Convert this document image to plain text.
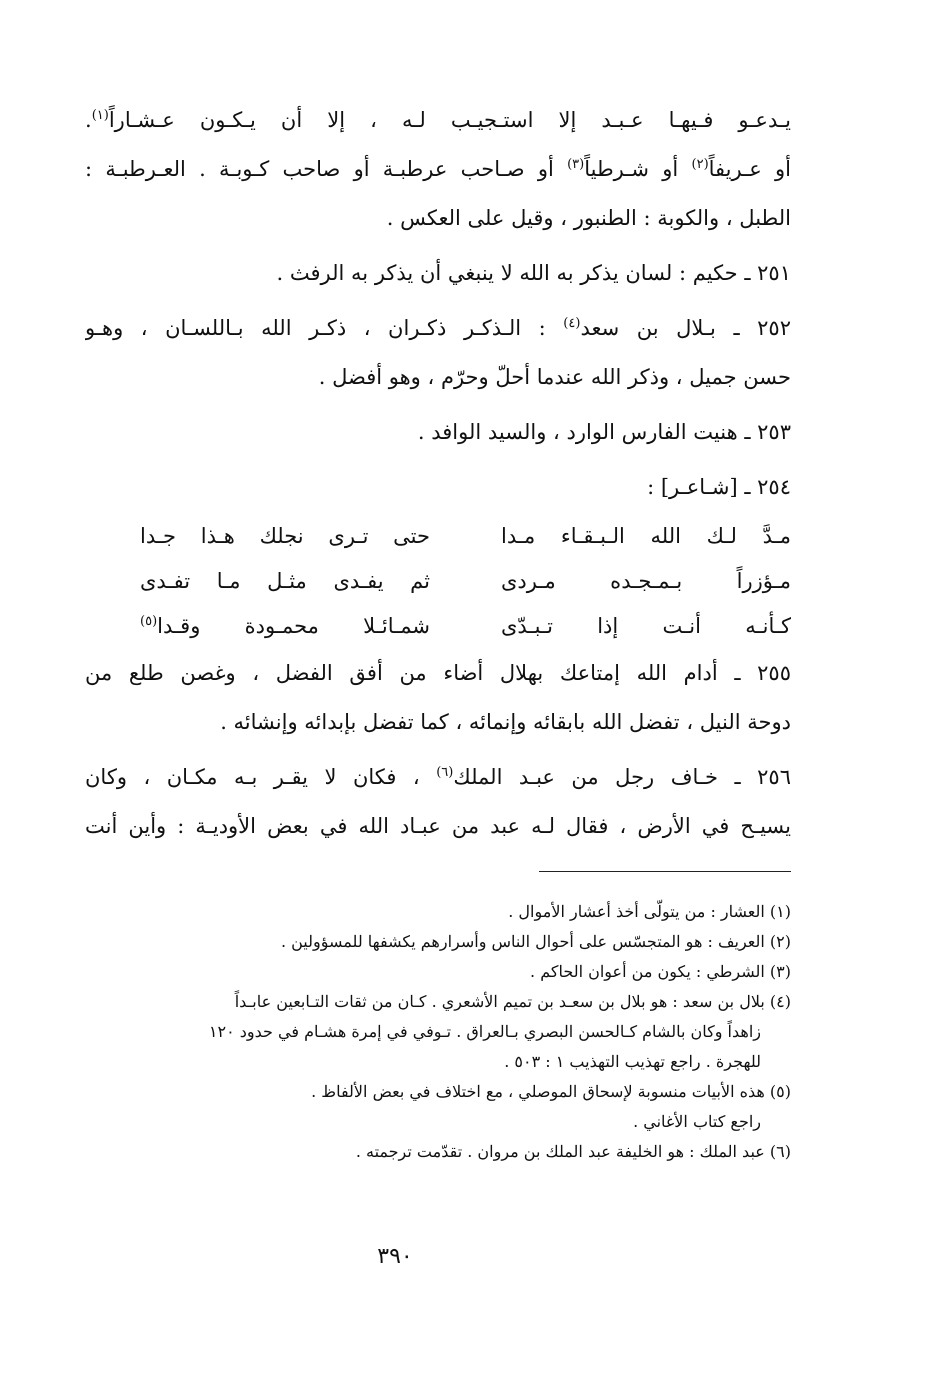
يـدعـو فـيهـا عـبـد إلا استـجيـب لـه ، إلا أن يـكـون عـشـاراً$^{(١)}$.
أو عـريفاً$^{(٢)}$ أو شـرطياً$^{(٣)}$ أو صـاحب عرطبـة أو صاحب كـوبـة . العـرطبـة :
الطبل ، والكوبة : الطنبور ، وقيل على العكس .
٢٥١ ـ حكيم : لسان يذكر به الله لا ينبغي أن يذكر به الرفث .
٢٥٢ ـ بـلال بن سعد$^{(٤)}$ : الـذكـر ذكـران ، ذكـر الله بـاللسـان ، وهـو
حسن جميل ، وذكر الله عندما أحلّ وحرّم ، وهو أفضل .
٢٥٣ ـ هنيت الفارس الوارد ، والسيد الوافد .
٢٥٤ ـ [شـاعـر] :
مـدَّ لـك الله الـبـقـاء مـدا
حتى تـرى نجلك هـذا جـدا
مـؤزراً بـمـجـده مـردى
ثم يفـدى مثـل مـا تفـدى
كـأنـه أنـت إذا تـبـدّى
شمـائـلا محمـودة وقـدا$^{(٥)}$
٢٥٥ ـ أدام الله إمتاعك بهلال أضاء من أفق الفضل ، وغصن طلع من
دوحة النيل ، تفضل الله بابقائه وإنمائه ، كما تفضل بإبدائه وإنشائه .
٢٥٦ ـ خـاف رجل من عبـد الملك$^{(٦)}$ ، فكان لا يقـر بـه مكـان ، وكان
يسيـح في الأرض ، فقال لـه عبد من عبـاد الله في بعض الأوديـة : وأين أنت
(١) العشار : من يتولّى أخذ أعشار الأموال .
(٢) العريف : هو المتجسّس على أحوال الناس وأسرارهم يكشفها للمسؤولين .
(٣) الشرطي : يكون من أعوان الحاكم .
(٤) بلال بن سعد : هو بلال بن سعـد بن تميم الأشعري . كـان من ثقات التـابعين عابـداً
زاهداً وكان بالشام كـالحسن البصري بـالعراق . تـوفي في إمرة هشـام في حدود ١٢٠
للهجرة . راجع تهذيب التهذيب ١ : ٥٠٣ .
(٥) هذه الأبيات منسوبة لإسحاق الموصلي ، مع اختلاف في بعض الألفاظ .
راجع كتاب الأغاني .
(٦) عبد الملك : هو الخليفة عبد الملك بن مروان . تقدّمت ترجمته .
٣٩٠
